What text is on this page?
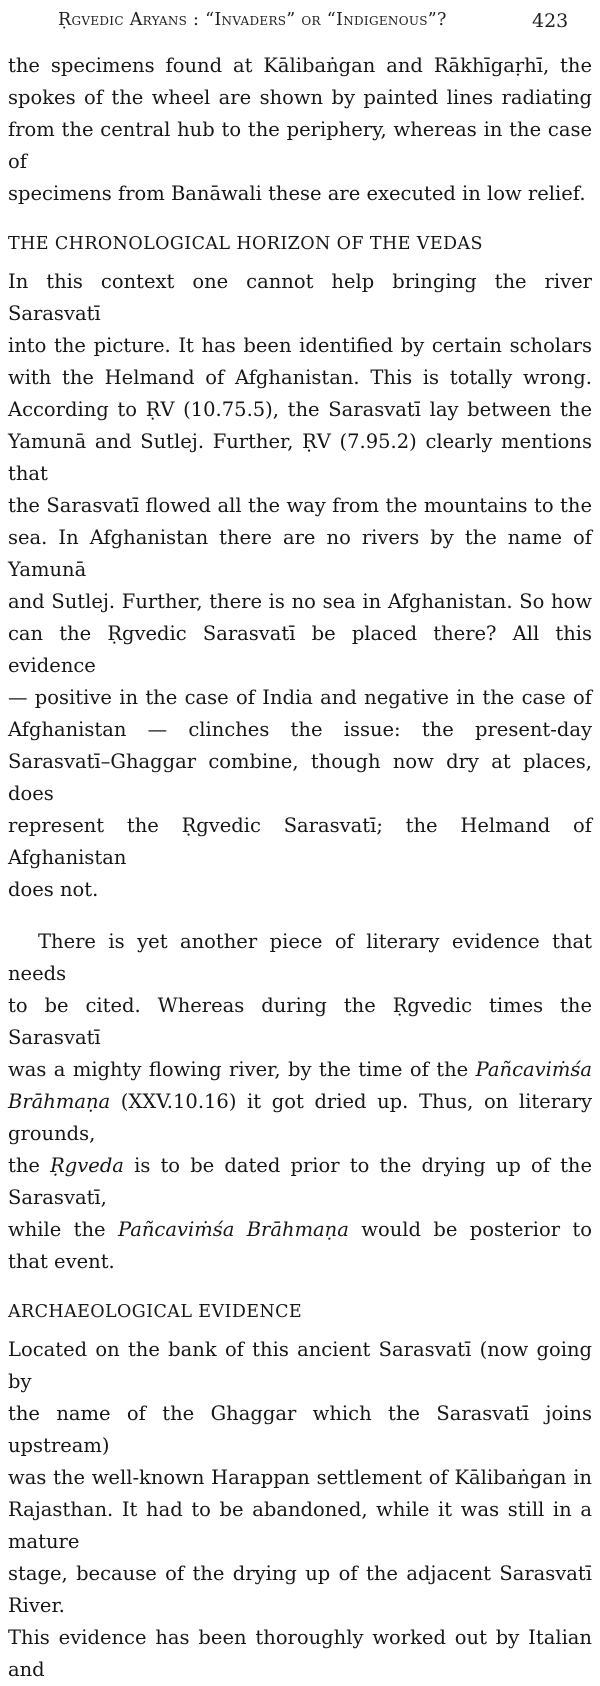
Ṛgvedic Aryans : “Invaders” or “Indigenous”?	423

the specimens found at Kālibaṅgan and Rākhīgaṛhī, the

spokes of the wheel are shown by painted lines radiating

from the central hub to the periphery, whereas in the case of

specimens from Banāwali these are executed in low relief.

THE CHRONOLOGICAL HORIZON OF THE VEDAS

In this context one cannot help bringing the river Sarasvatī

into the picture. It has been identified by certain scholars

with the Helmand of Afghanistan. This is totally wrong.

According to ṚV (10.75.5), the Sarasvatī lay between the

Yamunā and Sutlej. Further, ṚV (7.95.2) clearly mentions that

the Sarasvatī flowed all the way from the mountains to the

sea. In Afghanistan there are no rivers by the name of Yamunā

and Sutlej. Further, there is no sea in Afghanistan. So how

can the Ṛgvedic Sarasvatī be placed there? All this evidence

— positive in the case of India and negative in the case of

Afghanistan — clinches the issue: the present-day

Sarasvatī–Ghaggar combine, though now dry at places, does

represent the Ṛgvedic Sarasvatī; the Helmand of Afghanistan

does not.

There is yet another piece of literary evidence that needs

to be cited. Whereas during the Ṛgvedic times the Sarasvatī

was a mighty flowing river, by the time of the Pañcaviṁśa

Brāhmaṇa (XXV.10.16) it got dried up. Thus, on literary grounds,

the Ṛgveda is to be dated prior to the drying up of the Sarasvatī,

while the Pañcaviṁśa Brāhmaṇa would be posterior to that event.

ARCHAEOLOGICAL EVIDENCE

Located on the bank of this ancient Sarasvatī (now going by

the name of the Ghaggar which the Sarasvatī joins upstream)

was the well-known Harappan settlement of Kālibaṅgan in

Rajasthan. It had to be abandoned, while it was still in a mature

stage, because of the drying up of the adjacent Sarasvatī River.

This evidence has been thoroughly worked out by Italian and
